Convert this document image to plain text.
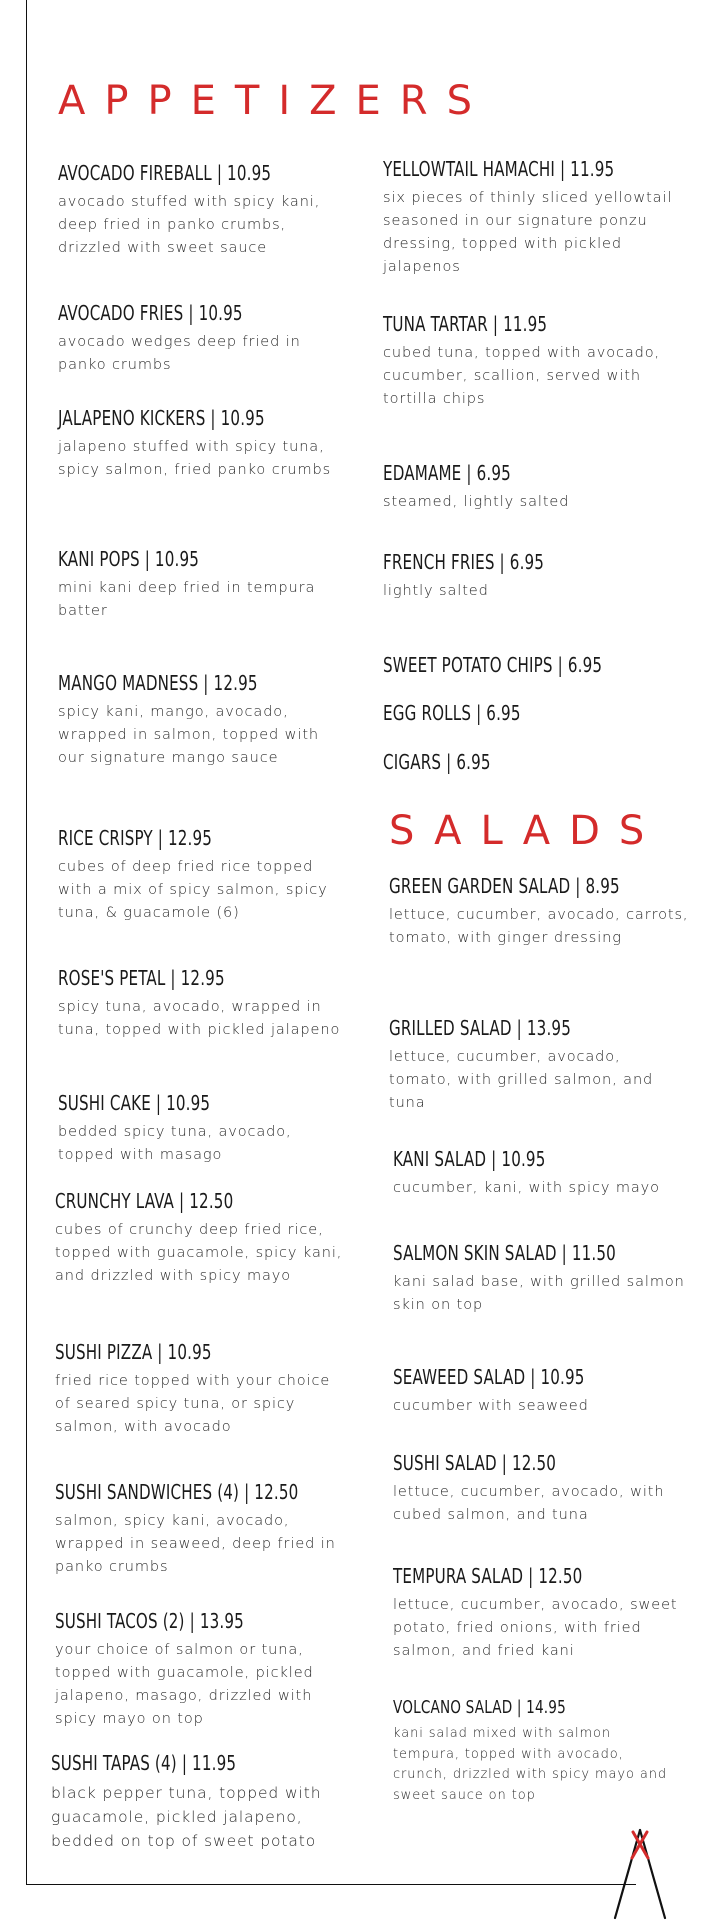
APPETIZERS
AVOCADO FIREBALL | 10.95
avocado stuffed with spicy kani, deep fried in panko crumbs, drizzled with sweet sauce
AVOCADO FRIES | 10.95
avocado wedges deep fried in panko crumbs
JALAPENO KICKERS | 10.95
jalapeno stuffed with spicy tuna, spicy salmon, fried panko crumbs
KANI POPS | 10.95
mini kani deep fried in tempura batter
MANGO MADNESS | 12.95
spicy kani, mango, avocado, wrapped in salmon, topped with our signature mango sauce
RICE CRISPY | 12.95
cubes of deep fried rice topped with a mix of spicy salmon, spicy tuna, & guacamole (6)
ROSE'S PETAL | 12.95
spicy tuna, avocado, wrapped in tuna, topped with pickled jalapeno
SUSHI CAKE | 10.95
bedded spicy tuna, avocado, topped with masago
CRUNCHY LAVA | 12.50
cubes of crunchy deep fried rice, topped with guacamole, spicy kani, and drizzled with spicy mayo
SUSHI PIZZA | 10.95
fried rice topped with your choice of seared spicy tuna, or spicy salmon, with avocado
SUSHI SANDWICHES (4) | 12.50
salmon, spicy kani, avocado, wrapped in seaweed, deep fried in panko crumbs
SUSHI TACOS (2) | 13.95
your choice of salmon or tuna, topped with guacamole, pickled jalapeno, masago, drizzled with spicy mayo on top
SUSHI TAPAS (4) | 11.95
black pepper tuna, topped with guacamole, pickled jalapeno, bedded on top of sweet potato
YELLOWTAIL HAMACHI | 11.95
six pieces of thinly sliced yellowtail seasoned in our signature ponzu dressing, topped with pickled jalapenos
TUNA TARTAR | 11.95
cubed tuna, topped with avocado, cucumber, scallion, served with tortilla chips
EDAMAME | 6.95
steamed, lightly salted
FRENCH FRIES | 6.95
lightly salted
SWEET POTATO CHIPS | 6.95
EGG ROLLS | 6.95
CIGARS | 6.95
SALADS
GREEN GARDEN SALAD | 8.95
lettuce, cucumber, avocado, carrots, tomato, with ginger dressing
GRILLED SALAD | 13.95
lettuce, cucumber, avocado, tomato, with grilled salmon, and tuna
KANI SALAD | 10.95
cucumber, kani, with spicy mayo
SALMON SKIN SALAD | 11.50
kani salad base, with grilled salmon skin on top
SEAWEED SALAD | 10.95
cucumber with seaweed
SUSHI SALAD | 12.50
lettuce, cucumber, avocado, with cubed salmon, and tuna
TEMPURA SALAD | 12.50
lettuce, cucumber, avocado, sweet potato, fried onions, with fried salmon, and fried kani
VOLCANO SALAD | 14.95
kani salad mixed with salmon tempura, topped with avocado, crunch, drizzled with spicy mayo and sweet sauce on top
